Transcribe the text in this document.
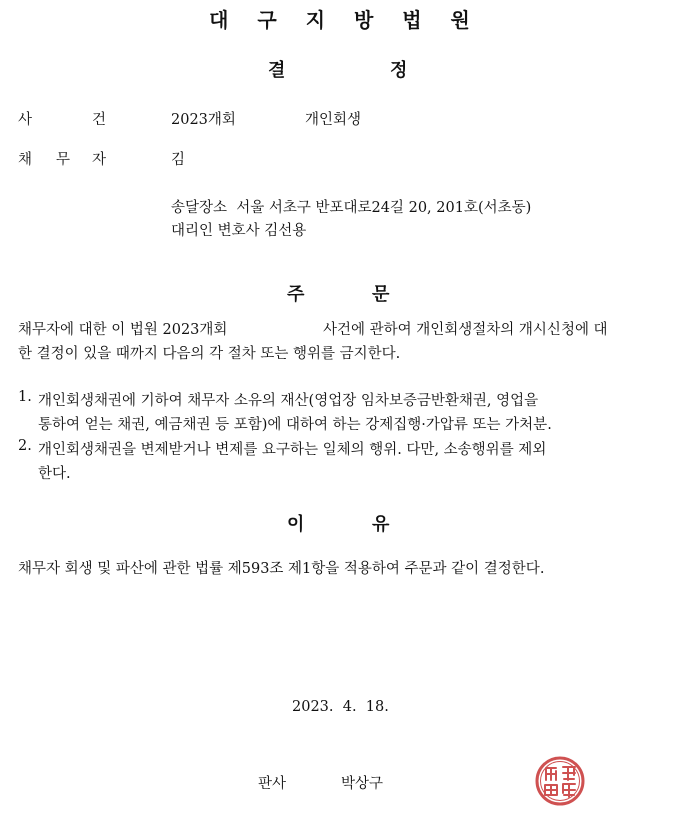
대 구 지 방 법 원
결	정
사	건	2023개회	개인회생
채 무 자	김
송달장소  서울 서초구 반포대로24길 20, 201호(서초동)
대리인 변호사 김선용
주	문
채무자에 대한 이 법원 2023개회	사건에 관하여 개인회생절차의 개시신청에 대
한 결정이 있을 때까지 다음의 각 절차 또는 행위를 금지한다.
1. 개인회생채권에 기하여 채무자 소유의 재산(영업장 임차보증금반환채권, 영업을
통하여 얻는 채권, 예금채권 등 포함)에 대하여 하는 강제집행·가압류 또는 가처분.
2. 개인회생채권을 변제받거나 변제를 요구하는 일체의 행위. 다만, 소송행위를 제외
한다.
이	유
채무자 회생 및 파산에 관한 법률 제593조 제1항을 적용하여 주문과 같이 결정한다.
2023.  4.  18.
판사	박상구
